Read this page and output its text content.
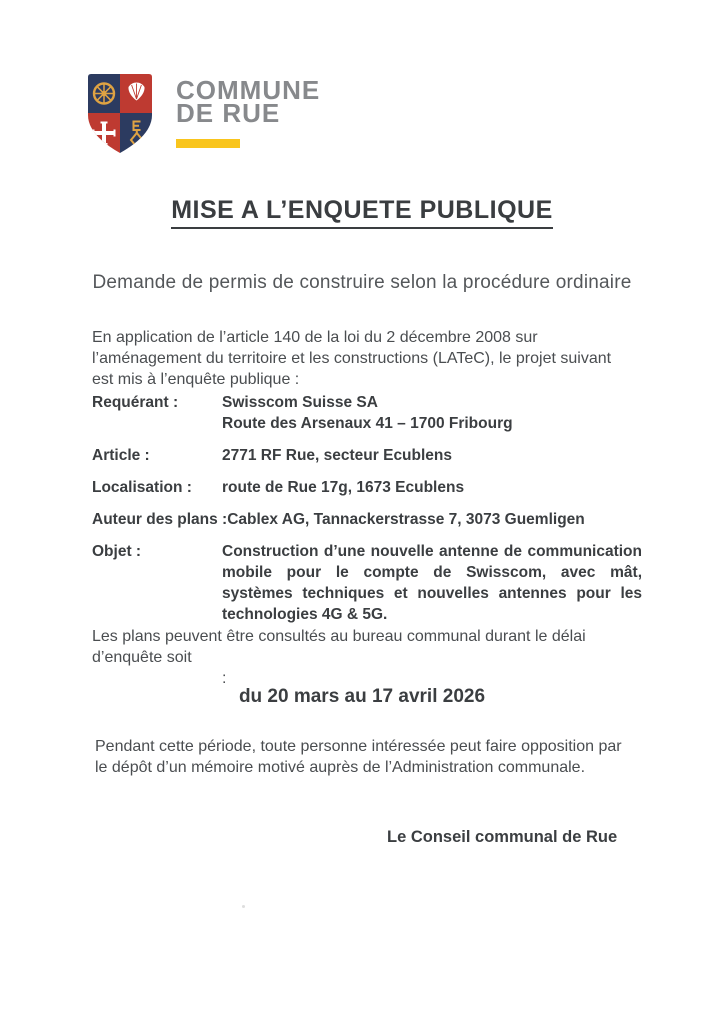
COMMUNE
DE RUE
MISE A L’ENQUETE PUBLIQUE

Demande de permis de construire selon la procédure ordinaire

En application de l’article 140 de la loi du 2 décembre 2008 sur l’aménagement du territoire et les constructions (LATeC), le projet suivant est mis à l’enquête publique :

Requérant :	Swisscom Suisse SA
Route des Arsenaux 41 – 1700 Fribourg
Article :	2771 RF Rue, secteur Ecublens
Localisation :	route de Rue 17g, 1673 Ecublens
Auteur des plans : Cablex AG, Tannackerstrasse 7, 3073 Guemligen
Objet :	Construction d’une nouvelle antenne de communication mobile pour le compte de Swisscom, avec mât, systèmes techniques et nouvelles antennes pour les technologies 4G & 5G.

Les plans peuvent être consultés au bureau communal durant le délai d’enquête soit
:

du 20 mars au 17 avril 2026

Pendant cette période, toute personne intéressée peut faire opposition par le dépôt d’un mémoire motivé auprès de l’Administration communale.

Le Conseil communal de Rue
